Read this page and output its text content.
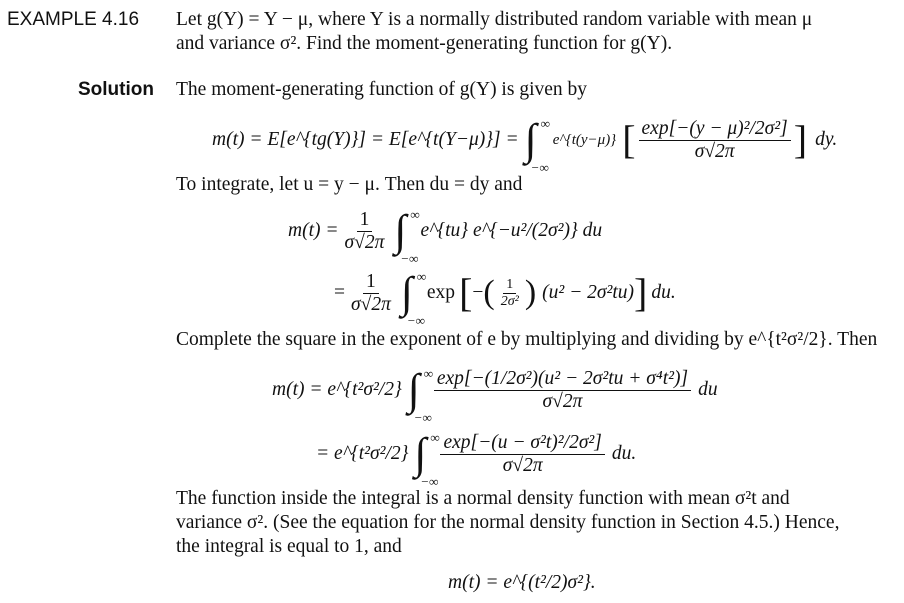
EXAMPLE 4.16 Let g(Y) = Y − μ, where Y is a normally distributed random variable with mean μ
and variance σ². Find the moment-generating function for g(Y).
Solution The moment-generating function of g(Y) is given by
m(t) = E[e^{tg(Y)}] = E[e^{t(Y−μ)}] = ∫ ∞
−∞
e^{t(y−μ)} [ $\frac{\text{exp[−(y − μ)²/2σ²]}}{\sigma√2\pi}$ ] dy.
To integrate, let u = y − μ. Then du = dy and
$m(t) = \frac{1}{\sigma√2\pi}$ ∫ ∞
−∞
e^{tu} e^{−u²/(2σ²)} du
= $\frac{1}{\sigma√2\pi}$ ∫ ∞
−∞
exp [ − ( $\frac{1}{\text{2σ²}}$ ) (u² − 2σ²tu) ] du.
Complete the square in the exponent of e by multiplying and dividing by e^{t²σ²/2}. Then
m(t) = e^{t²σ²/2} ∫ ∞
−∞
$\frac{\text{exp[−(1/2σ²)(u² − 2σ²tu + σ⁴t²)]}}{\sigma√2\pi}$ du
= e^{t²σ²/2} ∫ ∞
−∞
$\frac{\text{exp[−(u − σ²t)²/2σ²]}}{\sigma√2\pi}$ du.
The function inside the integral is a normal density function with mean σ²t and
variance σ². (See the equation for the normal density function in Section 4.5.) Hence,
the integral is equal to 1, and
m(t) = e^{(t²/2)σ²}.
